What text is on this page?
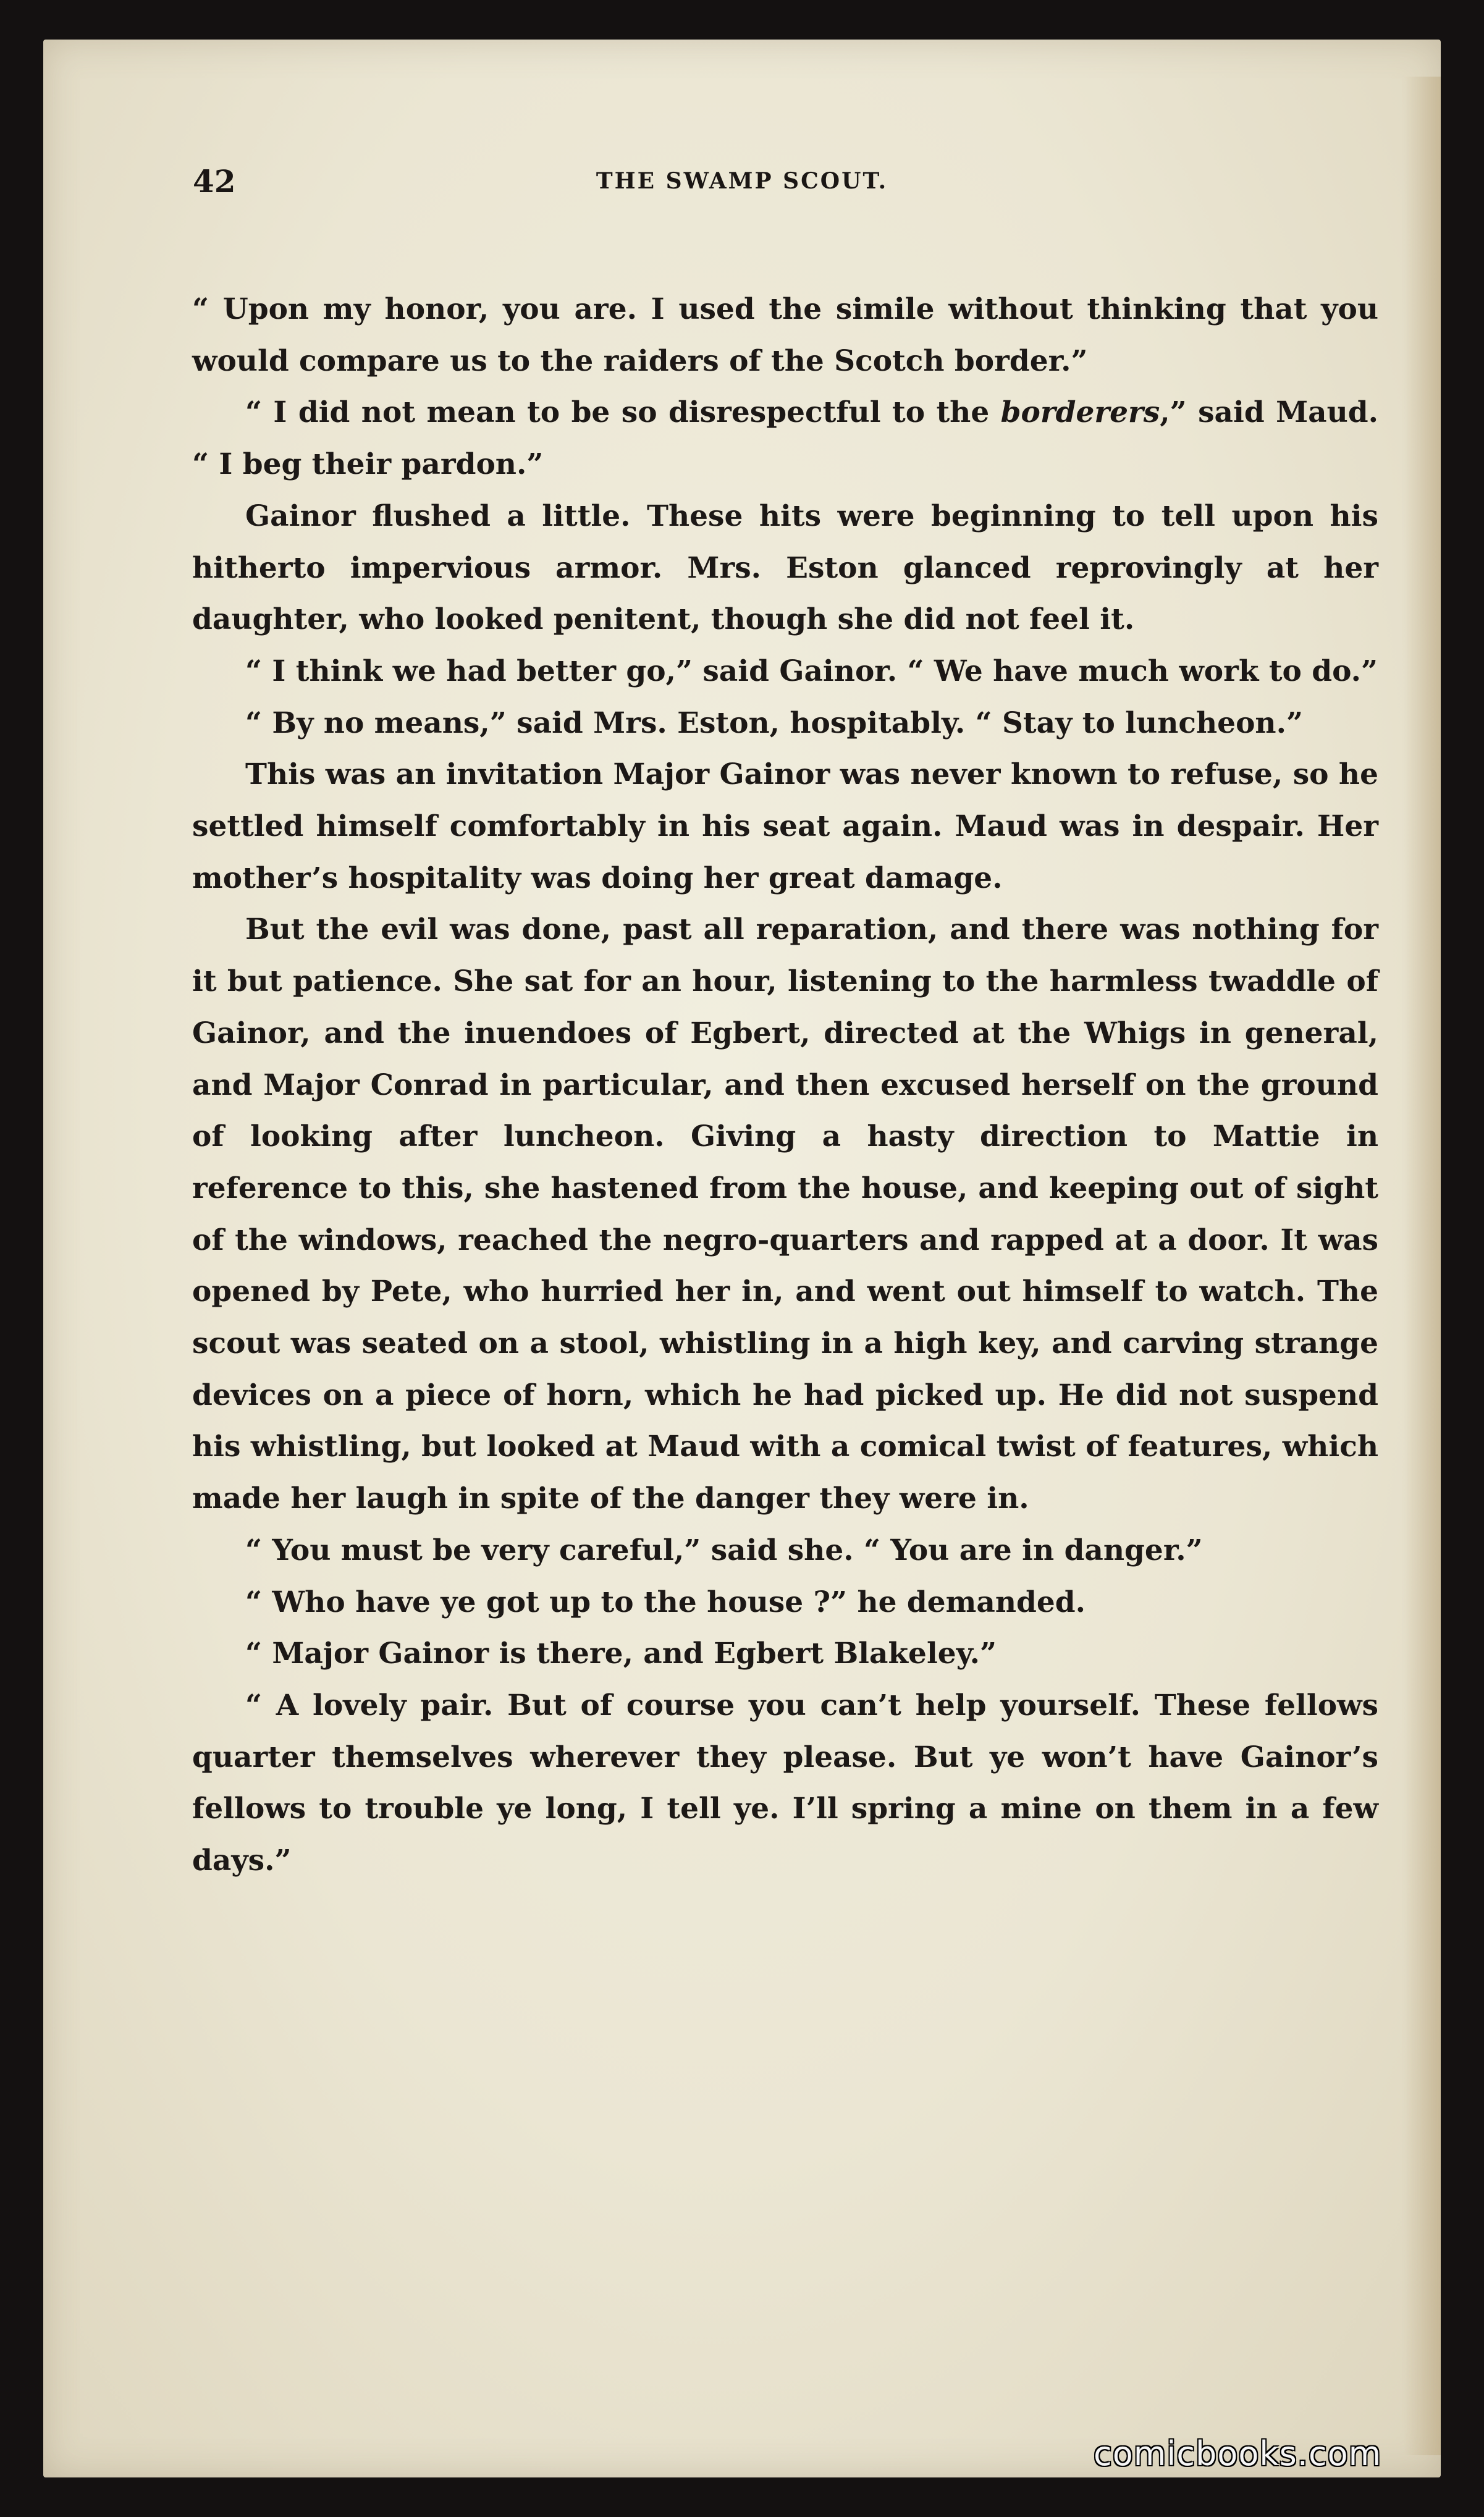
42	THE SWAMP SCOUT.

“ Upon my honor, you are. I used the simile without thinking that you would compare us to the raiders of the Scotch border.”

“ I did not mean to be so disrespectful to the borderers,” said Maud. “ I beg their pardon.”

Gainor flushed a little. These hits were beginning to tell upon his hitherto impervious armor. Mrs. Eston glanced reprovingly at her daughter, who looked penitent, though she did not feel it.

“ I think we had better go,” said Gainor. “ We have much work to do.”

“ By no means,” said Mrs. Eston, hospitably. “ Stay to luncheon.”

This was an invitation Major Gainor was never known to refuse, so he settled himself comfortably in his seat again. Maud was in despair. Her mother’s hospitality was doing her great damage.

But the evil was done, past all reparation, and there was nothing for it but patience. She sat for an hour, listening to the harmless twaddle of Gainor, and the inuendoes of Egbert, directed at the Whigs in general, and Major Conrad in particular, and then excused herself on the ground of looking after luncheon. Giving a hasty direction to Mattie in reference to this, she hastened from the house, and keeping out of sight of the windows, reached the negro-quarters and rapped at a door. It was opened by Pete, who hurried her in, and went out himself to watch. The scout was seated on a stool, whistling in a high key, and carving strange devices on a piece of horn, which he had picked up. He did not suspend his whistling, but looked at Maud with a comical twist of features, which made her laugh in spite of the danger they were in.

“ You must be very careful,” said she. “ You are in danger.”

“ Who have ye got up to the house ?” he demanded.

“ Major Gainor is there, and Egbert Blakeley.”

“ A lovely pair. But of course you can’t help yourself. These fellows quarter themselves wherever they please. But ye won’t have Gainor’s fellows to trouble ye long, I tell ye. I’ll spring a mine on them in a few days.”

comicbooks.com
